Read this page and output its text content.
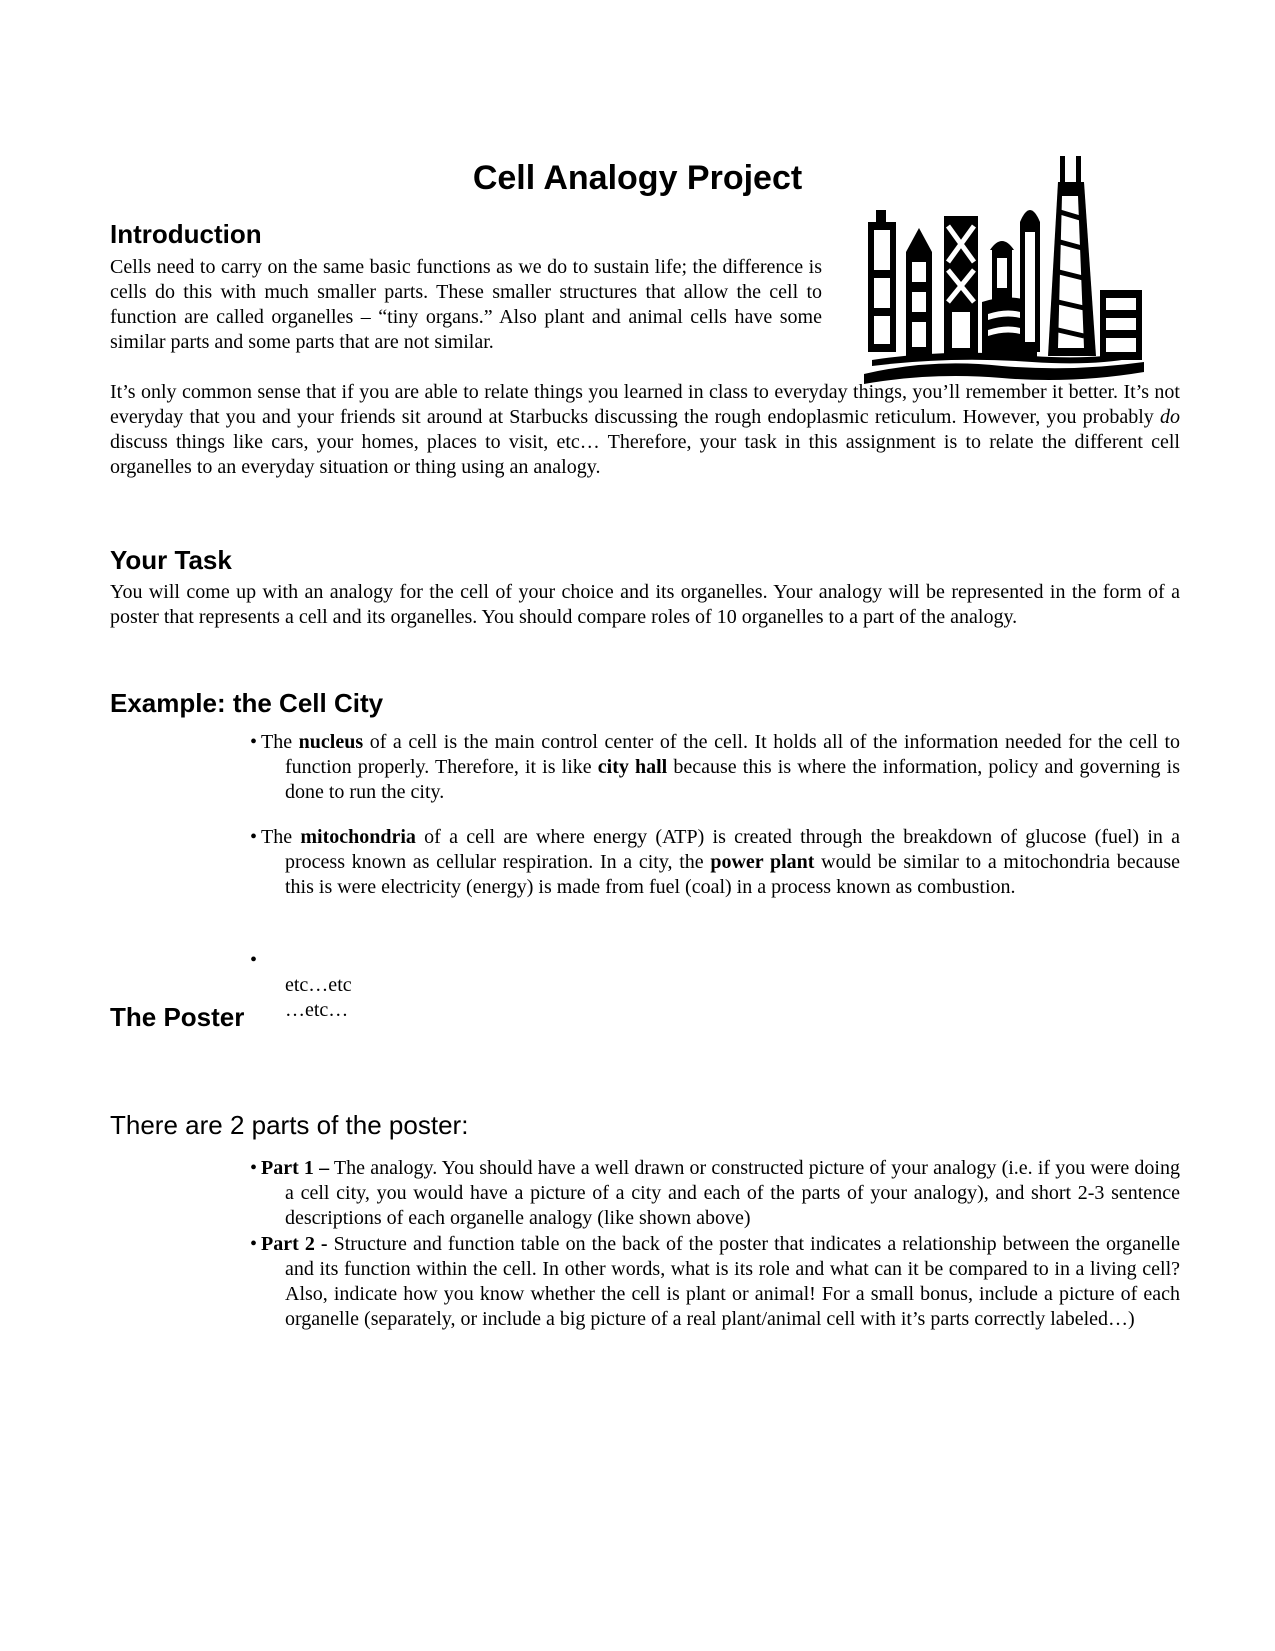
Cell Analogy Project
Introduction

Cells need to carry on the same basic functions as we do to sustain life; the difference is cells do this with much smaller parts. These smaller structures that allow the cell to function are called organelles – “tiny organs.” Also plant and animal cells have some similar parts and some parts that are not similar.

It’s only common sense that if you are able to relate things you learned in class to everyday things, you’ll remember it better. It’s not everyday that you and your friends sit around at Starbucks discussing the rough endoplasmic reticulum. However, you probably do discuss things like cars, your homes, places to visit, etc… Therefore, your task in this assignment is to relate the different cell organelles to an everyday situation or thing using an analogy.

Your Task

You will come up with an analogy for the cell of your choice and its organelles. Your analogy will be represented in the form of a poster that represents a cell and its organelles. You should compare roles of 10 organelles to a part of the analogy.

Example: the Cell City
• The nucleus of a cell is the main control center of the cell. It holds all of the information needed for the cell to function properly. Therefore, it is like city hall because this is where the information, policy and governing is done to run the city.

• The mitochondria of a cell are where energy (ATP) is created through the breakdown of glucose (fuel) in a process known as cellular respiration. In a city, the power plant would be similar to a mitochondria because this is were electricity (energy) is made from fuel (coal) in a process known as combustion.

•
etc…etc
…etc…
The Poster
There are 2 parts of the poster:
• Part 1 – The analogy. You should have a well drawn or constructed picture of your analogy (i.e. if you were doing a cell city, you would have a picture of a city and each of the parts of your analogy), and short 2-3 sentence descriptions of each organelle analogy (like shown above)

• Part 2 - Structure and function table on the back of the poster that indicates a relationship between the organelle and its function within the cell. In other words, what is its role and what can it be compared to in a living cell? Also, indicate how you know whether the cell is plant or animal! For a small bonus, include a picture of each organelle (separately, or include a big picture of a real plant/animal cell with it’s parts correctly labeled…)
